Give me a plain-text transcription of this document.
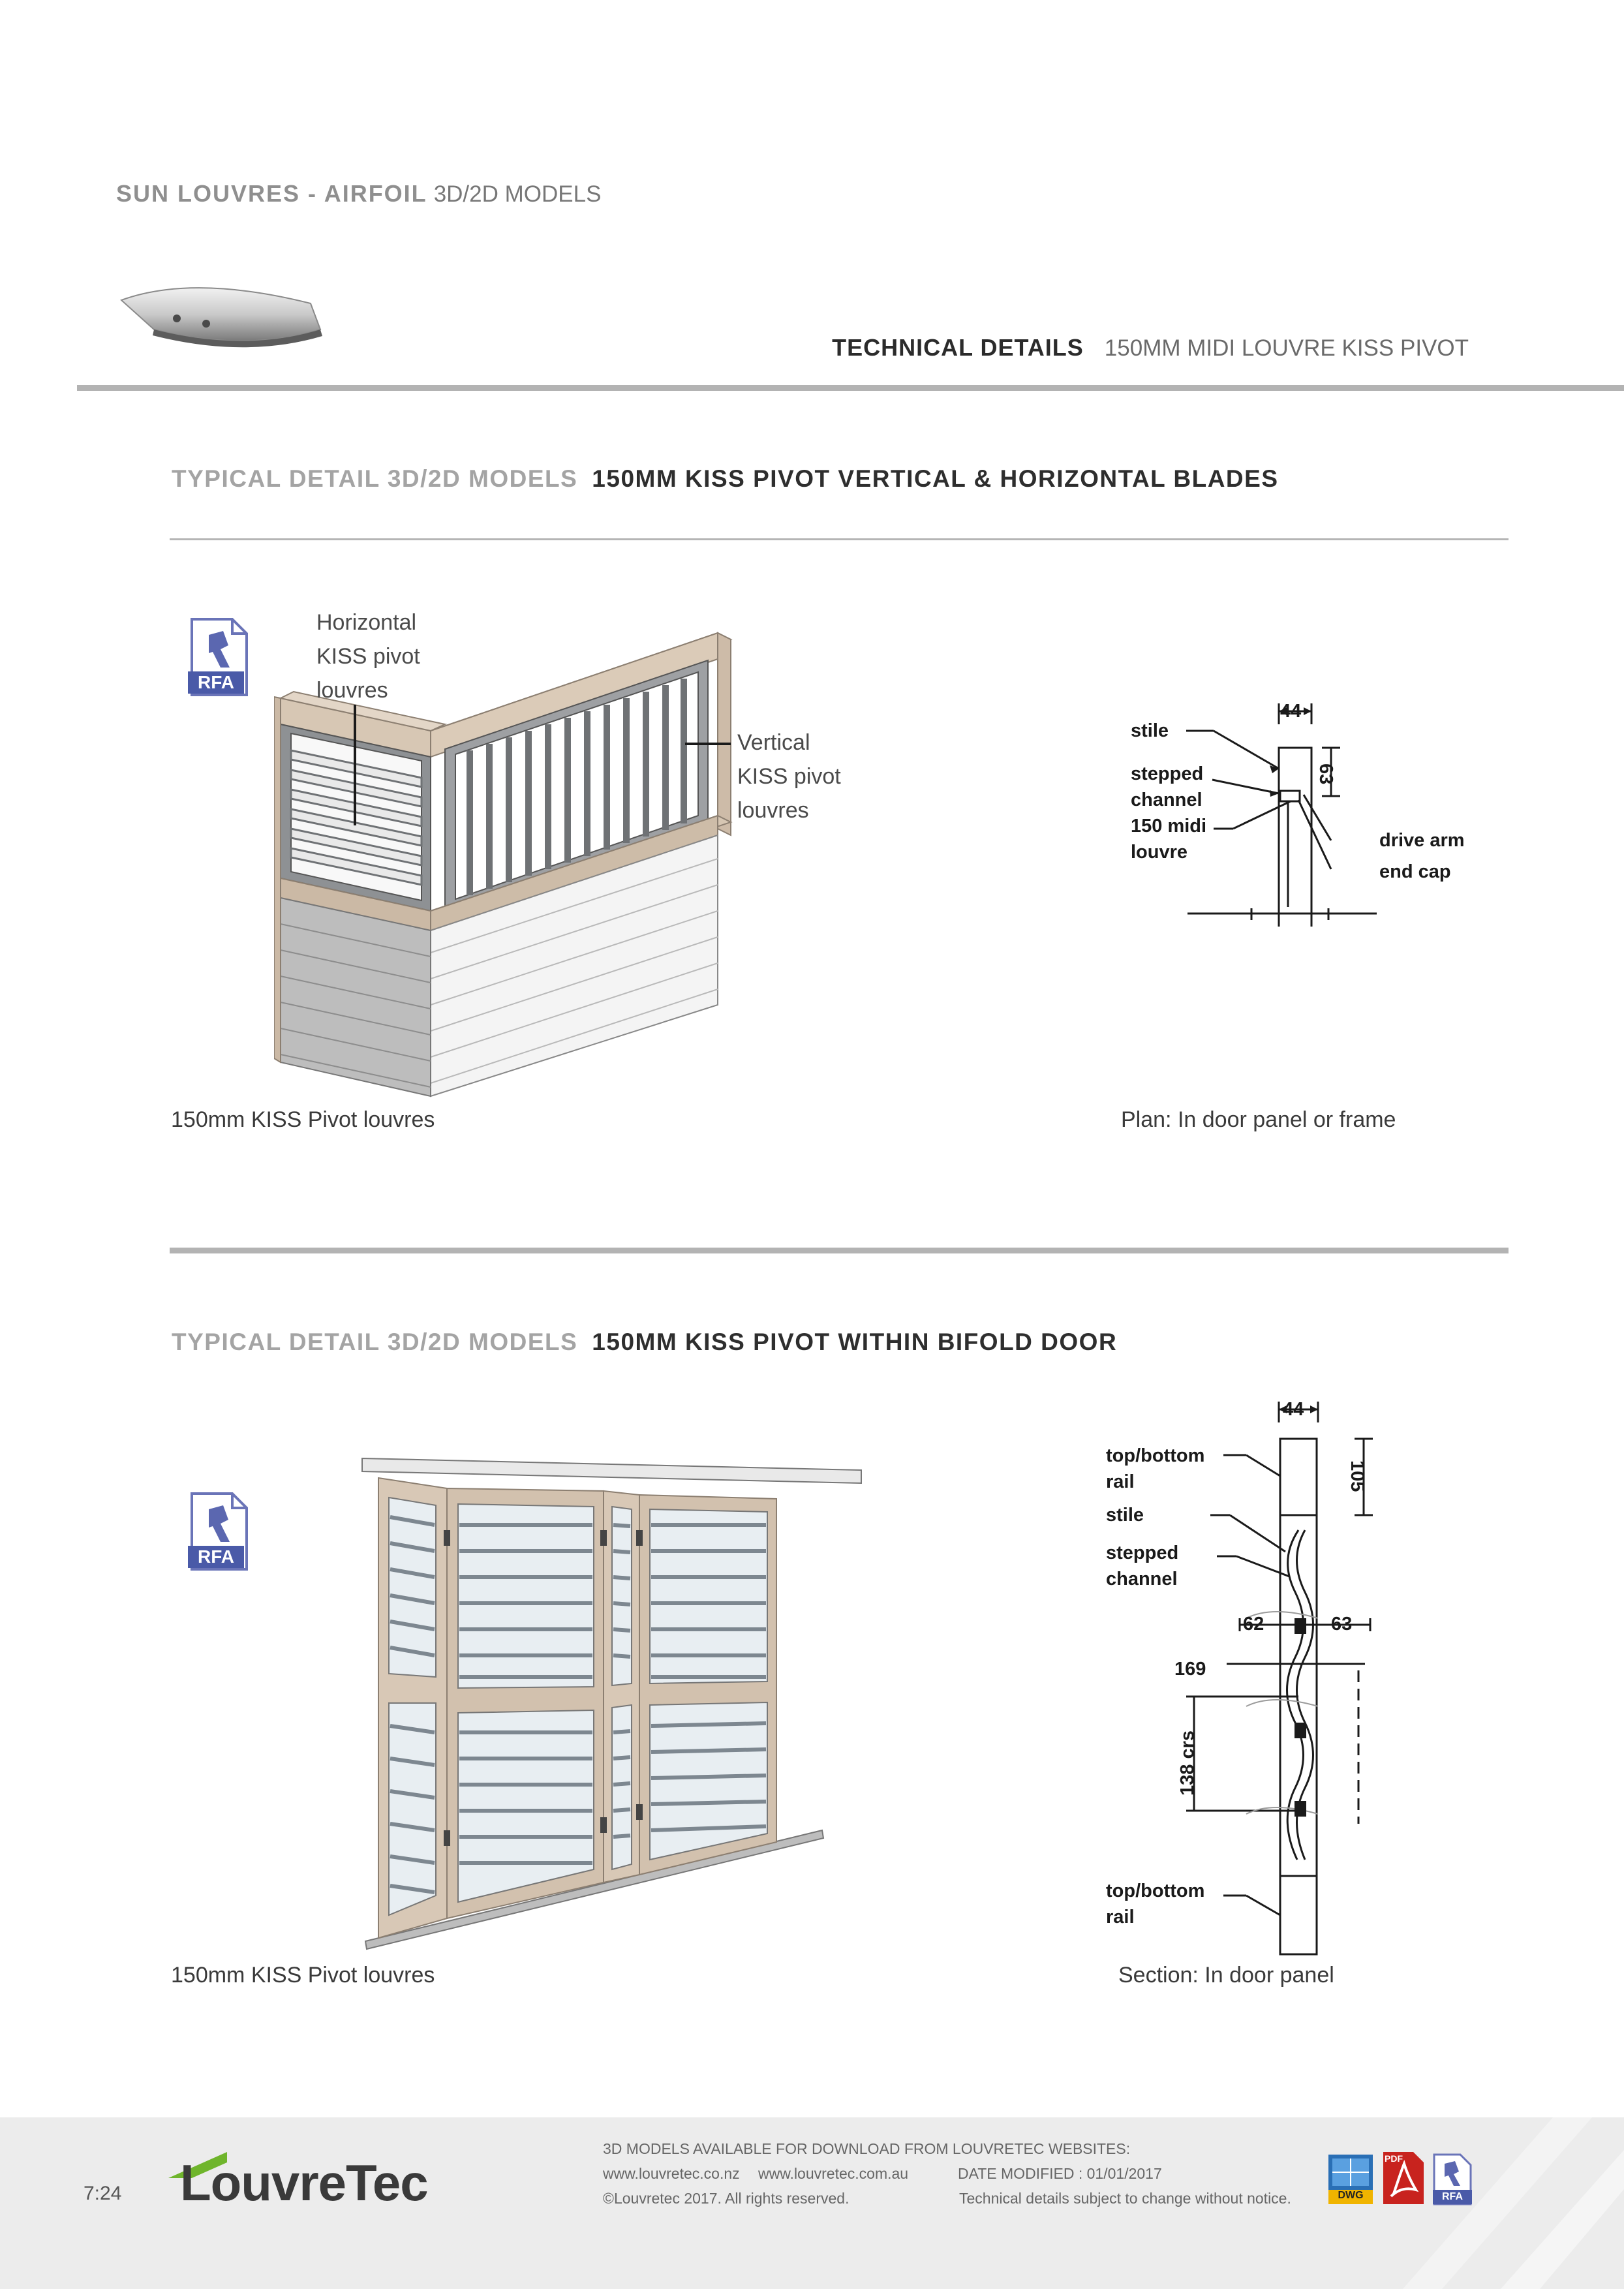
SUN LOUVRES - AIRFOIL 3D/2D MODELS
TECHNICAL DETAILS 150MM MIDI LOUVRE KISS PIVOT
TYPICAL DETAIL 3D/2D MODELS 150MM KISS PIVOT VERTICAL & HORIZONTAL BLADES
RFA
Horizontal
KISS pivot
louvres
Vertical
KISS pivot
louvres
44
63
stile
stepped
channel
150 midi
louvre
drive arm
end cap
150mm KISS Pivot louvres	Plan: In door panel or frame
TYPICAL DETAIL 3D/2D MODELS 150MM KISS PIVOT WITHIN BIFOLD DOOR
RFA
44
105
62	63
169
138 crs
top/bottom
rail
stile
stepped
channel
top/bottom
rail
150mm KISS Pivot louvres	Section: In door panel
7:24 LouvreTec
3D MODELS AVAILABLE FOR DOWNLOAD FROM LOUVRETEC WEBSITES:
www.louvretec.co.nz www.louvretec.com.au	DATE MODIFIED : 01/01/2017
©Louvretec 2017. All rights reserved.	Technical details subject to change without notice.	DWG
PDF
RFA
